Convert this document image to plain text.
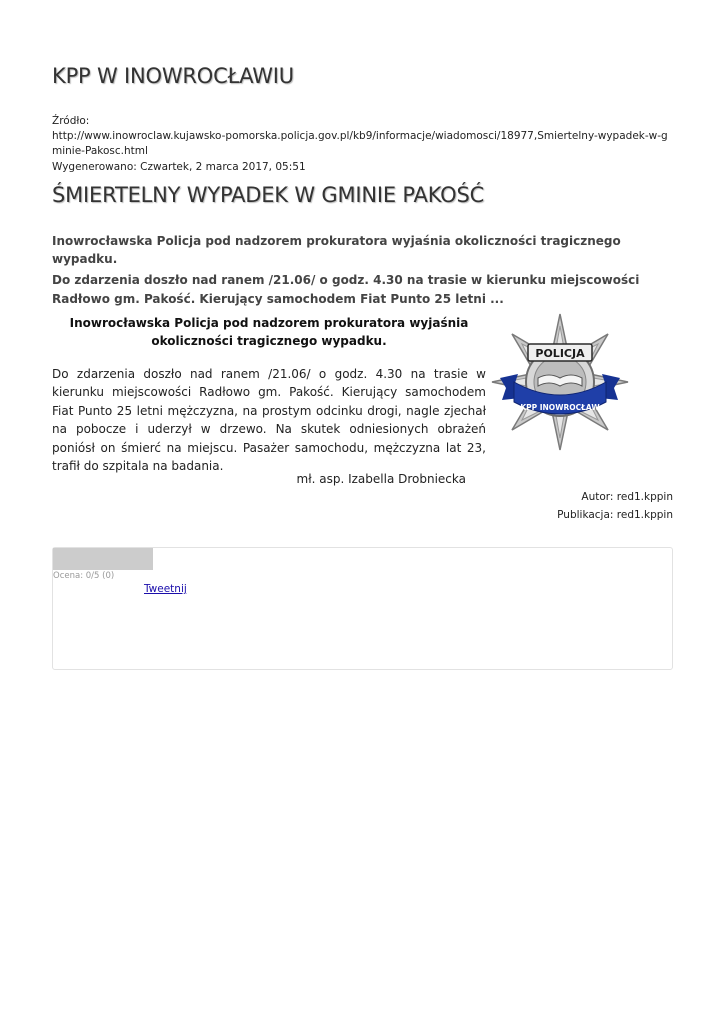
KPP W INOWROCŁAWIU
Źródło:
http://www.inowroclaw.kujawsko-pomorska.policja.gov.pl/kb9/informacje/wiadomosci/18977,Smiertelny-wypadek-w-gminie-Pakosc.html
Wygenerowano: Czwartek, 2 marca 2017, 05:51
ŚMIERTELNY WYPADEK W GMINIE PAKOŚĆ

Inowrocławska Policja pod nadzorem prokuratora wyjaśnia okoliczności tragicznego wypadku.

Do zdarzenia doszło nad ranem /21.06/ o godz. 4.30 na trasie w kierunku miejscowości Radłowo gm. Pakość. Kierujący samochodem Fiat Punto 25 letni ...

Inowrocławska Policja pod nadzorem prokuratora wyjaśnia okoliczności tragicznego wypadku.

Do zdarzenia doszło nad ranem /21.06/ o godz. 4.30 na trasie w kierunku miejscowości Radłowo gm. Pakość. Kierujący samochodem Fiat Punto 25 letni mężczyzna, na prostym odcinku drogi, nagle zjechał na pobocze i uderzył w drzewo. Na skutek odniesionych obrażeń poniósł on śmierć na miejscu. Pasażer samochodu, mężczyzna lat 23, trafił do szpitala na badania.

mł. asp. Izabella Drobniecka

Autor: red1.kppin

Publikacja: red1.kppin

POLICJA
KPP INOWROCŁAW
Ocena: 0/5 (0)
Tweetnij
